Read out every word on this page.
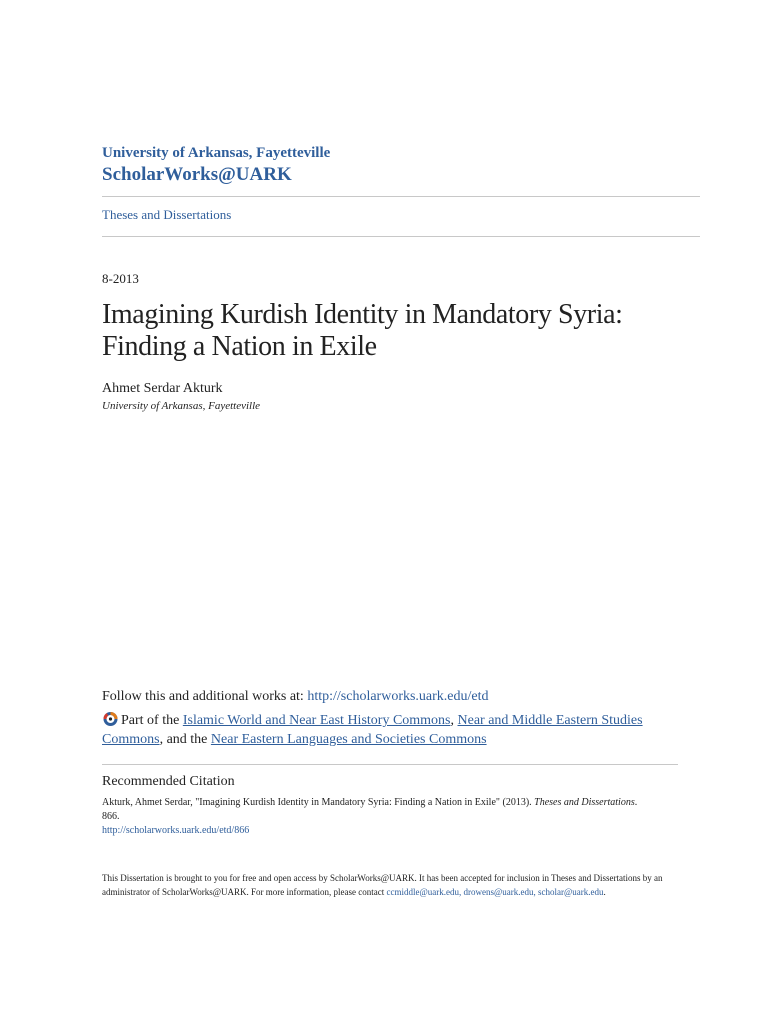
University of Arkansas, Fayetteville
ScholarWorks@UARK
Theses and Dissertations
8-2013
Imagining Kurdish Identity in Mandatory Syria:
Finding a Nation in Exile
Ahmet Serdar Akturk
University of Arkansas, Fayetteville
Follow this and additional works at: http://scholarworks.uark.edu/etd
Part of the Islamic World and Near East History Commons, Near and Middle Eastern Studies
Commons, and the Near Eastern Languages and Societies Commons
Recommended Citation
Akturk, Ahmet Serdar, "Imagining Kurdish Identity in Mandatory Syria: Finding a Nation in Exile" (2013). Theses and Dissertations.
866.
http://scholarworks.uark.edu/etd/866
This Dissertation is brought to you for free and open access by ScholarWorks@UARK. It has been accepted for inclusion in Theses and Dissertations by an administrator of ScholarWorks@UARK. For more information, please contact ccmiddle@uark.edu, drowens@uark.edu, scholar@uark.edu.
